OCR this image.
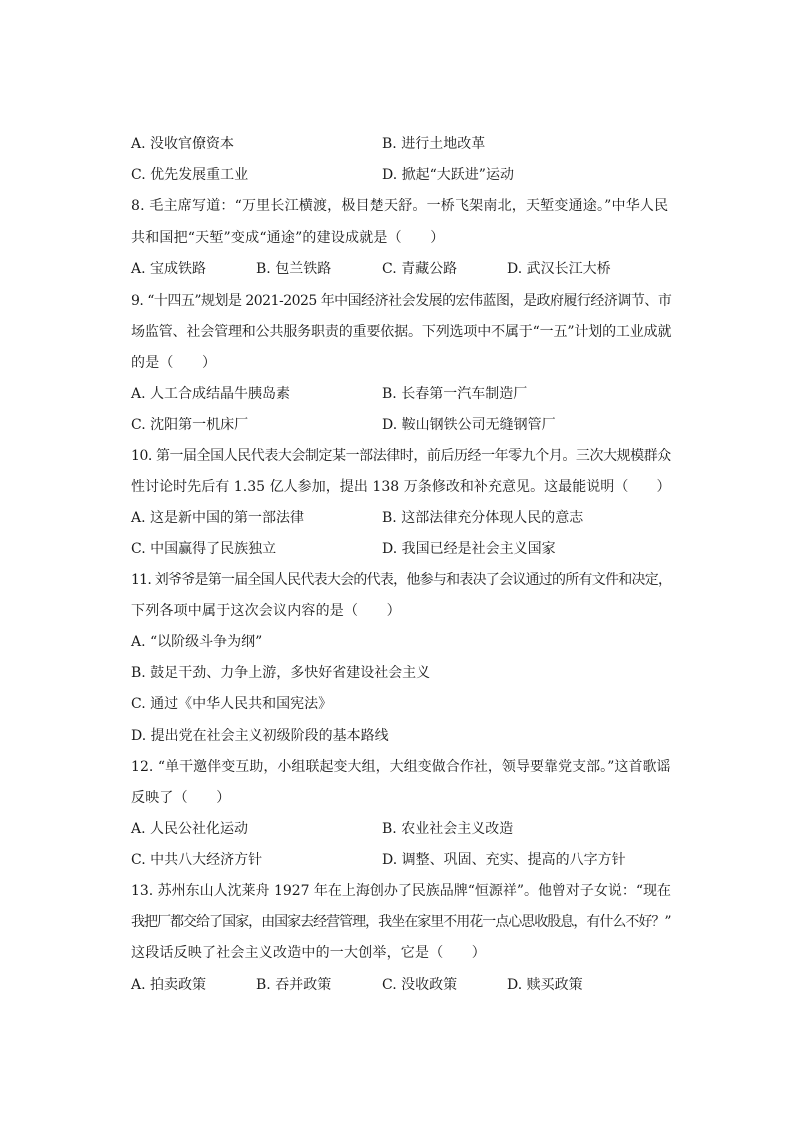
A. 没收官僚资本	B. 进行土地改革
C. 优先发展重工业	D. 掀起“大跃进”运动
8. 毛主席写道：“万里长江横渡，极目楚天舒。一桥飞架南北，天堑变通途。”中华人民
共和国把“天堑”变成“通途”的建设成就是（　　）
A. 宝成铁路	B. 包兰铁路	C. 青藏公路	D. 武汉长江大桥
9. “十四五”规划是 2021-2025 年中国经济社会发展的宏伟蓝图，是政府履行经济调节、市
场监管、社会管理和公共服务职责的重要依据。下列选项中不属于“一五”计划的工业成就
的是（　　）
A. 人工合成结晶牛胰岛素	B. 长春第一汽车制造厂
C. 沈阳第一机床厂	D. 鞍山钢铁公司无缝钢管厂
10. 第一届全国人民代表大会制定某一部法律时，前后历经一年零九个月。三次大规模群众
性讨论时先后有 1.35 亿人参加，提出 138 万条修改和补充意见。这最能说明（　　）
A. 这是新中国的第一部法律	B. 这部法律充分体现人民的意志
C. 中国赢得了民族独立	D. 我国已经是社会主义国家
11. 刘爷爷是第一届全国人民代表大会的代表，他参与和表决了会议通过的所有文件和决定，
下列各项中属于这次会议内容的是（　　）
A. “以阶级斗争为纲”
B. 鼓足干劲、力争上游，多快好省建设社会主义
C. 通过《中华人民共和国宪法》
D. 提出党在社会主义初级阶段的基本路线
12. “单干邀伴变互助，小组联起变大组，大组变做合作社，领导要靠党支部。”这首歌谣
反映了（　　）
A. 人民公社化运动	B. 农业社会主义改造
C. 中共八大经济方针	D. 调整、巩固、充实、提高的八字方针
13. 苏州东山人沈莱舟 1927 年在上海创办了民族品牌“恒源祥”。他曾对子女说：“现在
我把厂都交给了国家，由国家去经营管理，我坐在家里不用花一点心思收股息，有什么不好？”
这段话反映了社会主义改造中的一大创举，它是（　　）
A. 拍卖政策	B. 吞并政策	C. 没收政策	D. 赎买政策
